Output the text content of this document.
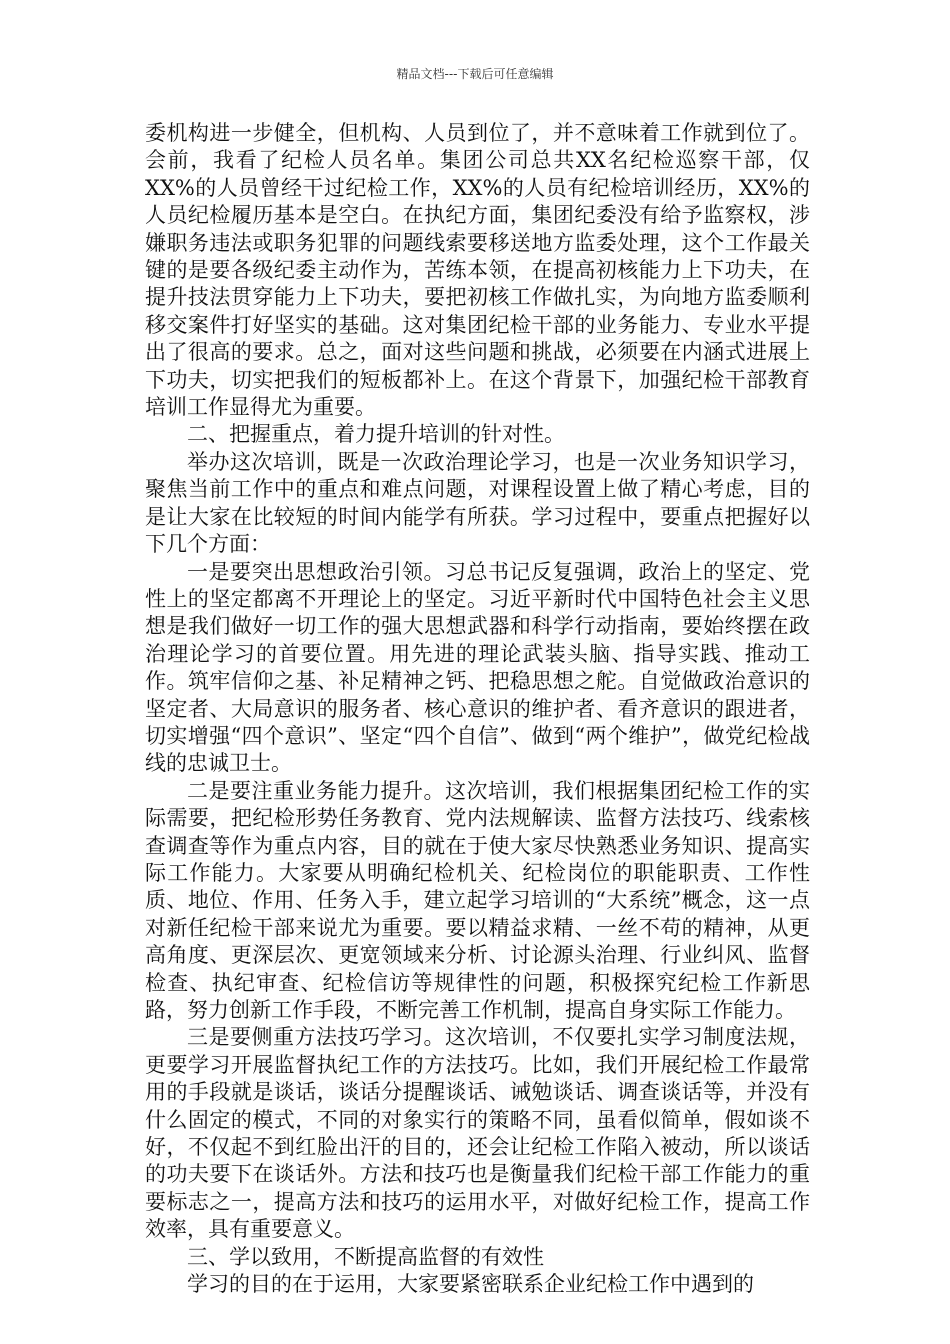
精品文档---下载后可任意编辑

委机构进一步健全，但机构、人员到位了，并不意味着工作就到位了。会前，我看了纪检人员名单。集团公司总共XX名纪检巡察干部，仅XX%的人员曾经干过纪检工作，XX%的人员有纪检培训经历，XX%的人员纪检履历基本是空白。在执纪方面，集团纪委没有给予监察权，涉嫌职务违法或职务犯罪的问题线索要移送地方监委处理，这个工作最关键的是要各级纪委主动作为，苦练本领，在提高初核能力上下功夫，在提升技法贯穿能力上下功夫，要把初核工作做扎实，为向地方监委顺利移交案件打好坚实的基础。这对集团纪检干部的业务能力、专业水平提出了很高的要求。总之，面对这些问题和挑战，必须要在内涵式进展上下功夫，切实把我们的短板都补上。在这个背景下，加强纪检干部教育培训工作显得尤为重要。

二、把握重点，着力提升培训的针对性。

举办这次培训，既是一次政治理论学习，也是一次业务知识学习，聚焦当前工作中的重点和难点问题，对课程设置上做了精心考虑，目的是让大家在比较短的时间内能学有所获。学习过程中，要重点把握好以下几个方面：

一是要突出思想政治引领。习总书记反复强调，政治上的坚定、党性上的坚定都离不开理论上的坚定。习近平新时代中国特色社会主义思想是我们做好一切工作的强大思想武器和科学行动指南，要始终摆在政治理论学习的首要位置。用先进的理论武装头脑、指导实践、推动工作。筑牢信仰之基、补足精神之钙、把稳思想之舵。自觉做政治意识的坚定者、大局意识的服务者、核心意识的维护者、看齐意识的跟进者，切实增强“四个意识”、坚定“四个自信”、做到“两个维护”，做党纪检战线的忠诚卫士。

二是要注重业务能力提升。这次培训，我们根据集团纪检工作的实际需要，把纪检形势任务教育、党内法规解读、监督方法技巧、线索核查调查等作为重点内容，目的就在于使大家尽快熟悉业务知识、提高实际工作能力。大家要从明确纪检机关、纪检岗位的职能职责、工作性质、地位、作用、任务入手，建立起学习培训的“大系统”概念，这一点对新任纪检干部来说尤为重要。要以精益求精、一丝不苟的精神，从更高角度、更深层次、更宽领域来分析、讨论源头治理、行业纠风、监督检查、执纪审查、纪检信访等规律性的问题，积极探究纪检工作新思路，努力创新工作手段，不断完善工作机制，提高自身实际工作能力。

三是要侧重方法技巧学习。这次培训，不仅要扎实学习制度法规，更要学习开展监督执纪工作的方法技巧。比如，我们开展纪检工作最常用的手段就是谈话，谈话分提醒谈话、诫勉谈话、调查谈话等，并没有什么固定的模式，不同的对象实行的策略不同，虽看似简单，假如谈不好，不仅起不到红脸出汗的目的，还会让纪检工作陷入被动，所以谈话的功夫要下在谈话外。方法和技巧也是衡量我们纪检干部工作能力的重要标志之一，提高方法和技巧的运用水平，对做好纪检工作，提高工作效率，具有重要意义。

三、学以致用，不断提高监督的有效性

学习的目的在于运用，大家要紧密联系企业纪检工作中遇到的
